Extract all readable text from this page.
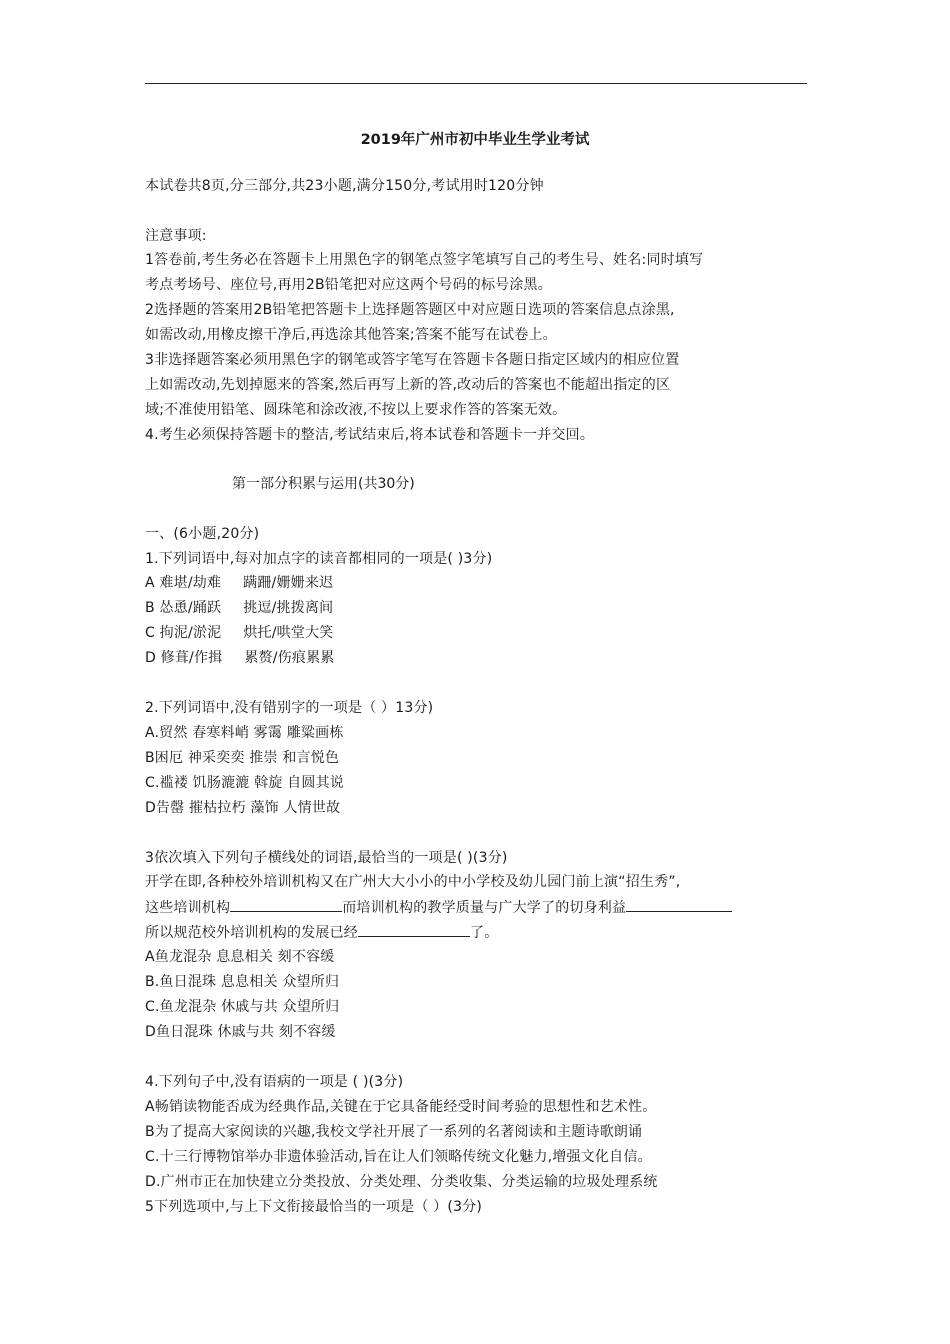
2019年广州市初中毕业生学业考试
本试卷共8页,分三部分,共23小题,满分150分,考试用时120分钟
注意事项:
1答卷前,考生务必在答题卡上用黑色字的钢笔点签字笔填写自己的考生号、姓名:同时填写
考点考场号、座位号,再用2B铅笔把对应这两个号码的标号涂黑。
2选择题的答案用2B铅笔把答题卡上选择题答题区中对应题日选项的答案信息点涂黑,
如需改动,用橡皮擦干净后,再选涂其他答案;答案不能写在试卷上。
3非选择题答案必须用黑色字的钢笔或答字笔写在答题卡各题日指定区域内的相应位置
上如需改动,先划掉愿来的答案,然后再写上新的答,改动后的答案也不能超出指定的区
域;不准使用铅笔、圆珠笔和涂改液,不按以上要求作答的答案无效。
4.考生必须保持答题卡的整洁,考试结束后,将本试卷和答题卡一并交回。
第一部分积累与运用(共30分)
一、(6小题,20分)
1.下列词语中,每对加点字的读音都相同的一项是( )3分)
A 难堪/劫难 蹒跚/姗姗来迟
B 怂恿/踊跃 挑逗/挑拨离间
C 拘泥/淤泥 烘托/哄堂大笑
D 修葺/作揖 累赘/伤痕累累
2.下列词语中,没有错别字的一项是（ ）13分)
A.贸然 春寒料峭 雾霭 雕粱画栋
B困厄 神采奕奕 推崇 和言悦色
C.褴褛 饥肠漉漉 斡旋 自圆其说
D告罄 摧枯拉朽 藻饰 人情世故
3依次填入下列句子横线处的词语,最恰当的一项是( )(3分)
开学在即,各种校外培训机构又在广州大大小小的中小学校及幼儿园门前上演“招生秀”,
这些培训机构	而培训机构的教学质量与广大学了的切身利益
所以规范校外培训机构的发展已经	了。
A鱼龙混杂 息息相关 刻不容缓
B.鱼日混珠 息息相关 众望所归
C.鱼龙混杂 休戚与共 众望所归
D鱼日混珠 休戚与共 刻不容缓
4.下列句子中,没有语病的一项是 ( )(3分)
A畅销读物能否成为经典作品,关键在于它具备能经受时间考验的思想性和艺术性。
B为了提高大家阅读的兴趣,我校文学社开展了一系列的名著阅读和主题诗歌朗诵
C.十三行博物馆举办非遗体验活动,旨在让人们领略传统文化魅力,增强文化自信。
D.广州市正在加快建立分类投放、分类处理、分类收集、分类运输的垃圾处理系统
5下列选项中,与上下文衔接最恰当的一项是（ ）(3分)
